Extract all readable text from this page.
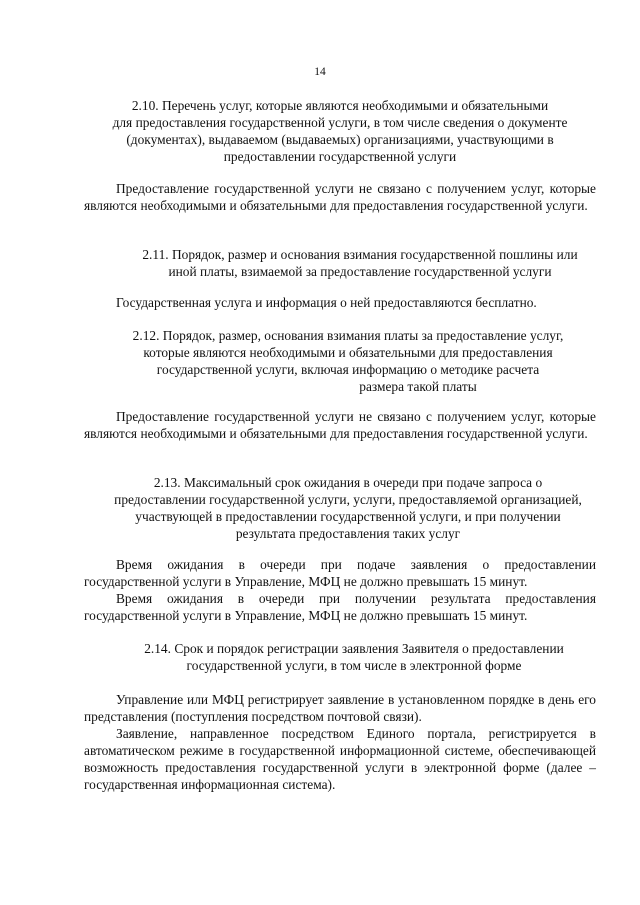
14
2.10. Перечень услуг, которые являются необходимыми и обязательными
для предоставления государственной услуги, в том числе сведения о документе
(документах), выдаваемом (выдаваемых) организациями, участвующими в
предоставлении государственной услуги

Предоставление государственной услуги не связано с получением услуг, которые являются необходимыми и обязательными для предоставления государственной услуги.

2.11. Порядок, размер и основания взимания государственной пошлины или
иной платы, взимаемой за предоставление государственной услуги

Государственная услуга и информация о ней предоставляются бесплатно.

2.12. Порядок, размер, основания взимания платы за предоставление услуг,
которые являются необходимыми и обязательными для предоставления
государственной услуги, включая информацию о методике расчета
размера такой платы

Предоставление государственной услуги не связано с получением услуг, которые являются необходимыми и обязательными для предоставления государственной услуги.

2.13. Максимальный срок ожидания в очереди при подаче запроса о
предоставлении государственной услуги, услуги, предоставляемой организацией,
участвующей в предоставлении государственной услуги, и при получении
результата предоставления таких услуг

Время ожидания в очереди при подаче заявления о предоставлении государственной услуги в Управление, МФЦ не должно превышать 15 минут.

Время ожидания в очереди при получении результата предоставления государственной услуги в Управление, МФЦ не должно превышать 15 минут.

2.14. Срок и порядок регистрации заявления Заявителя о предоставлении
государственной услуги, в том числе в электронной форме

Управление или МФЦ регистрирует заявление в установленном порядке в день его представления (поступления посредством почтовой связи).

Заявление, направленное посредством Единого портала, регистрируется в автоматическом режиме в государственной информационной системе, обеспечивающей возможность предоставления государственной услуги в электронной форме (далее – государственная информационная система).
